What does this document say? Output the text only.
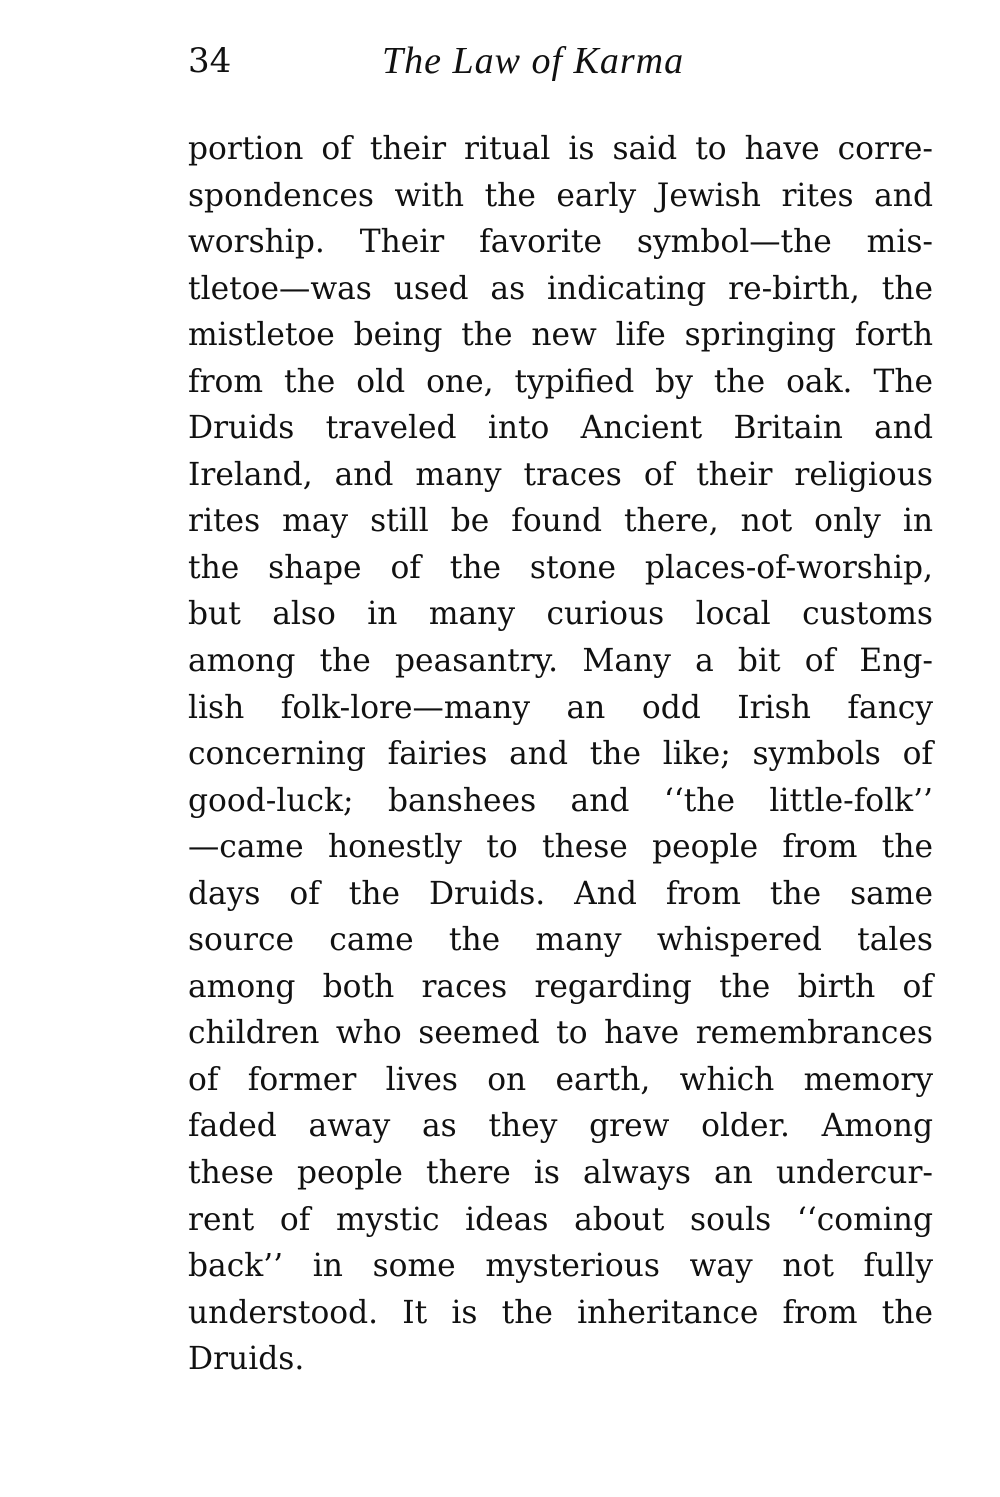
34	The Law of Karma
portion of their ritual is said to have corre-
spondences with the early Jewish rites and
worship. Their favorite symbol—the mis-
tletoe—was used as indicating re-birth, the
mistletoe being the new life springing forth
from the old one, typified by the oak. The
Druids traveled into Ancient Britain and
Ireland, and many traces of their religious
rites may still be found there, not only in
the shape of the stone places-of-worship,
but also in many curious local customs
among the peasantry. Many a bit of Eng-
lish folk-lore—many an odd Irish fancy
concerning fairies and the like; symbols of
good-luck; banshees and ‘‘the little-folk’’
—came honestly to these people from the
days of the Druids. And from the same
source came the many whispered tales
among both races regarding the birth of
children who seemed to have remembrances
of former lives on earth, which memory
faded away as they grew older. Among
these people there is always an undercur-
rent of mystic ideas about souls ‘‘coming
back’’ in some mysterious way not fully
understood. It is the inheritance from the
Druids.
